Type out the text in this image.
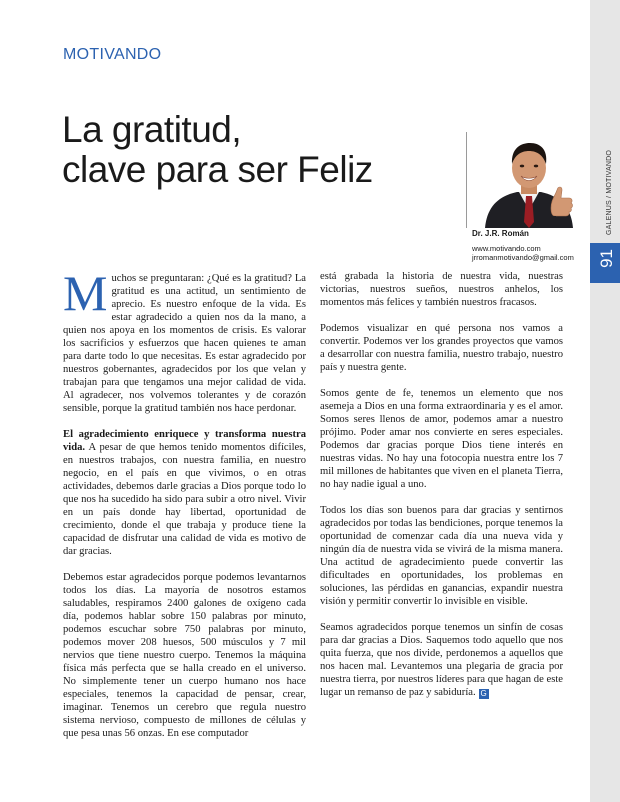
GALENUS / MOTIVANDO
91
MOTIVANDO
La gratitud,
clave para ser Feliz
Dr. J.R. Román
www.motivando.com
jrromanmotivando@gmail.com

Muchos se preguntaran: ¿Qué es la gratitud? La gratitud es una actitud, un sentimiento de aprecio. Es nuestro enfoque de la vida. Es estar agradecido a quien nos da la mano, a quien nos apoya en los momentos de crisis. Es valorar los sacrificios y esfuerzos que hacen quienes te aman para darte todo lo que necesitas. Es estar agradecido por nuestros gobernantes, agradecidos por los que velan y trabajan para que tengamos una mejor calidad de vida. Al agradecer, nos volvemos tolerantes y de corazón sensible, porque la gratitud también nos hace perdonar.

El agradecimiento enriquece y transforma nuestra vida. A pesar de que hemos tenido momentos difíciles, en nuestros trabajos, con nuestra familia, en nuestro negocio, en el país en que vivimos, o en otras actividades, debemos darle gracias a Dios porque todo lo que nos ha sucedido ha sido para subir a otro nivel. Vivir en un país donde hay libertad, oportunidad de crecimiento, donde el que trabaja y produce tiene la capacidad de disfrutar una calidad de vida es motivo de dar gracias.

Debemos estar agradecidos porque podemos levantarnos todos los días. La mayoría de nosotros estamos saludables, respiramos 2400 galones de oxígeno cada día, podemos hablar sobre 150 palabras por minuto, podemos escuchar sobre 750 palabras por minuto, podemos mover 208 huesos, 500 músculos y 7 mil nervios que tiene nuestro cuerpo. Tenemos la máquina física más perfecta que se halla creado en el universo. No simplemente tener un cuerpo humano nos hace especiales, tenemos la capacidad de pensar, crear, imaginar. Tenemos un cerebro que regula nuestro sistema nervioso, compuesto de millones de células y que pesa unas 56 onzas. En ese computador

está grabada la historia de nuestra vida, nuestras victorias, nuestros sueños, nuestros anhelos, los momentos más felices y también nuestros fracasos.

Podemos visualizar en qué persona nos vamos a convertir. Podemos ver los grandes proyectos que vamos a desarrollar con nuestra familia, nuestro trabajo, nuestro país y nuestra gente.

Somos gente de fe, tenemos un elemento que nos asemeja a Dios en una forma extraordinaria y es el amor. Somos seres llenos de amor, podemos amar a nuestro prójimo. Poder amar nos convierte en seres especiales. Podemos dar gracias porque Dios tiene interés en nuestras vidas. No hay una fotocopia nuestra entre los 7 mil millones de habitantes que viven en el planeta Tierra, no hay nadie igual a uno.

Todos los días son buenos para dar gracias y sentirnos agradecidos por todas las bendiciones, porque tenemos la oportunidad de comenzar cada día una nueva vida y ningún día de nuestra vida se vivirá de la misma manera. Una actitud de agradecimiento puede convertir las dificultades en oportunidades, los problemas en soluciones, las pérdidas en ganancias, expandir nuestra visión y permitir convertir lo invisible en visible.

Seamos agradecidos porque tenemos un sinfín de cosas para dar gracias a Dios. Saquemos todo aquello que nos quita fuerza, que nos divide, perdonemos a aquellos que nos hacen mal. Levantemos una plegaria de gracia por nuestra tierra, por nuestros líderes para que hagan de este lugar un remanso de paz y sabiduría. G
